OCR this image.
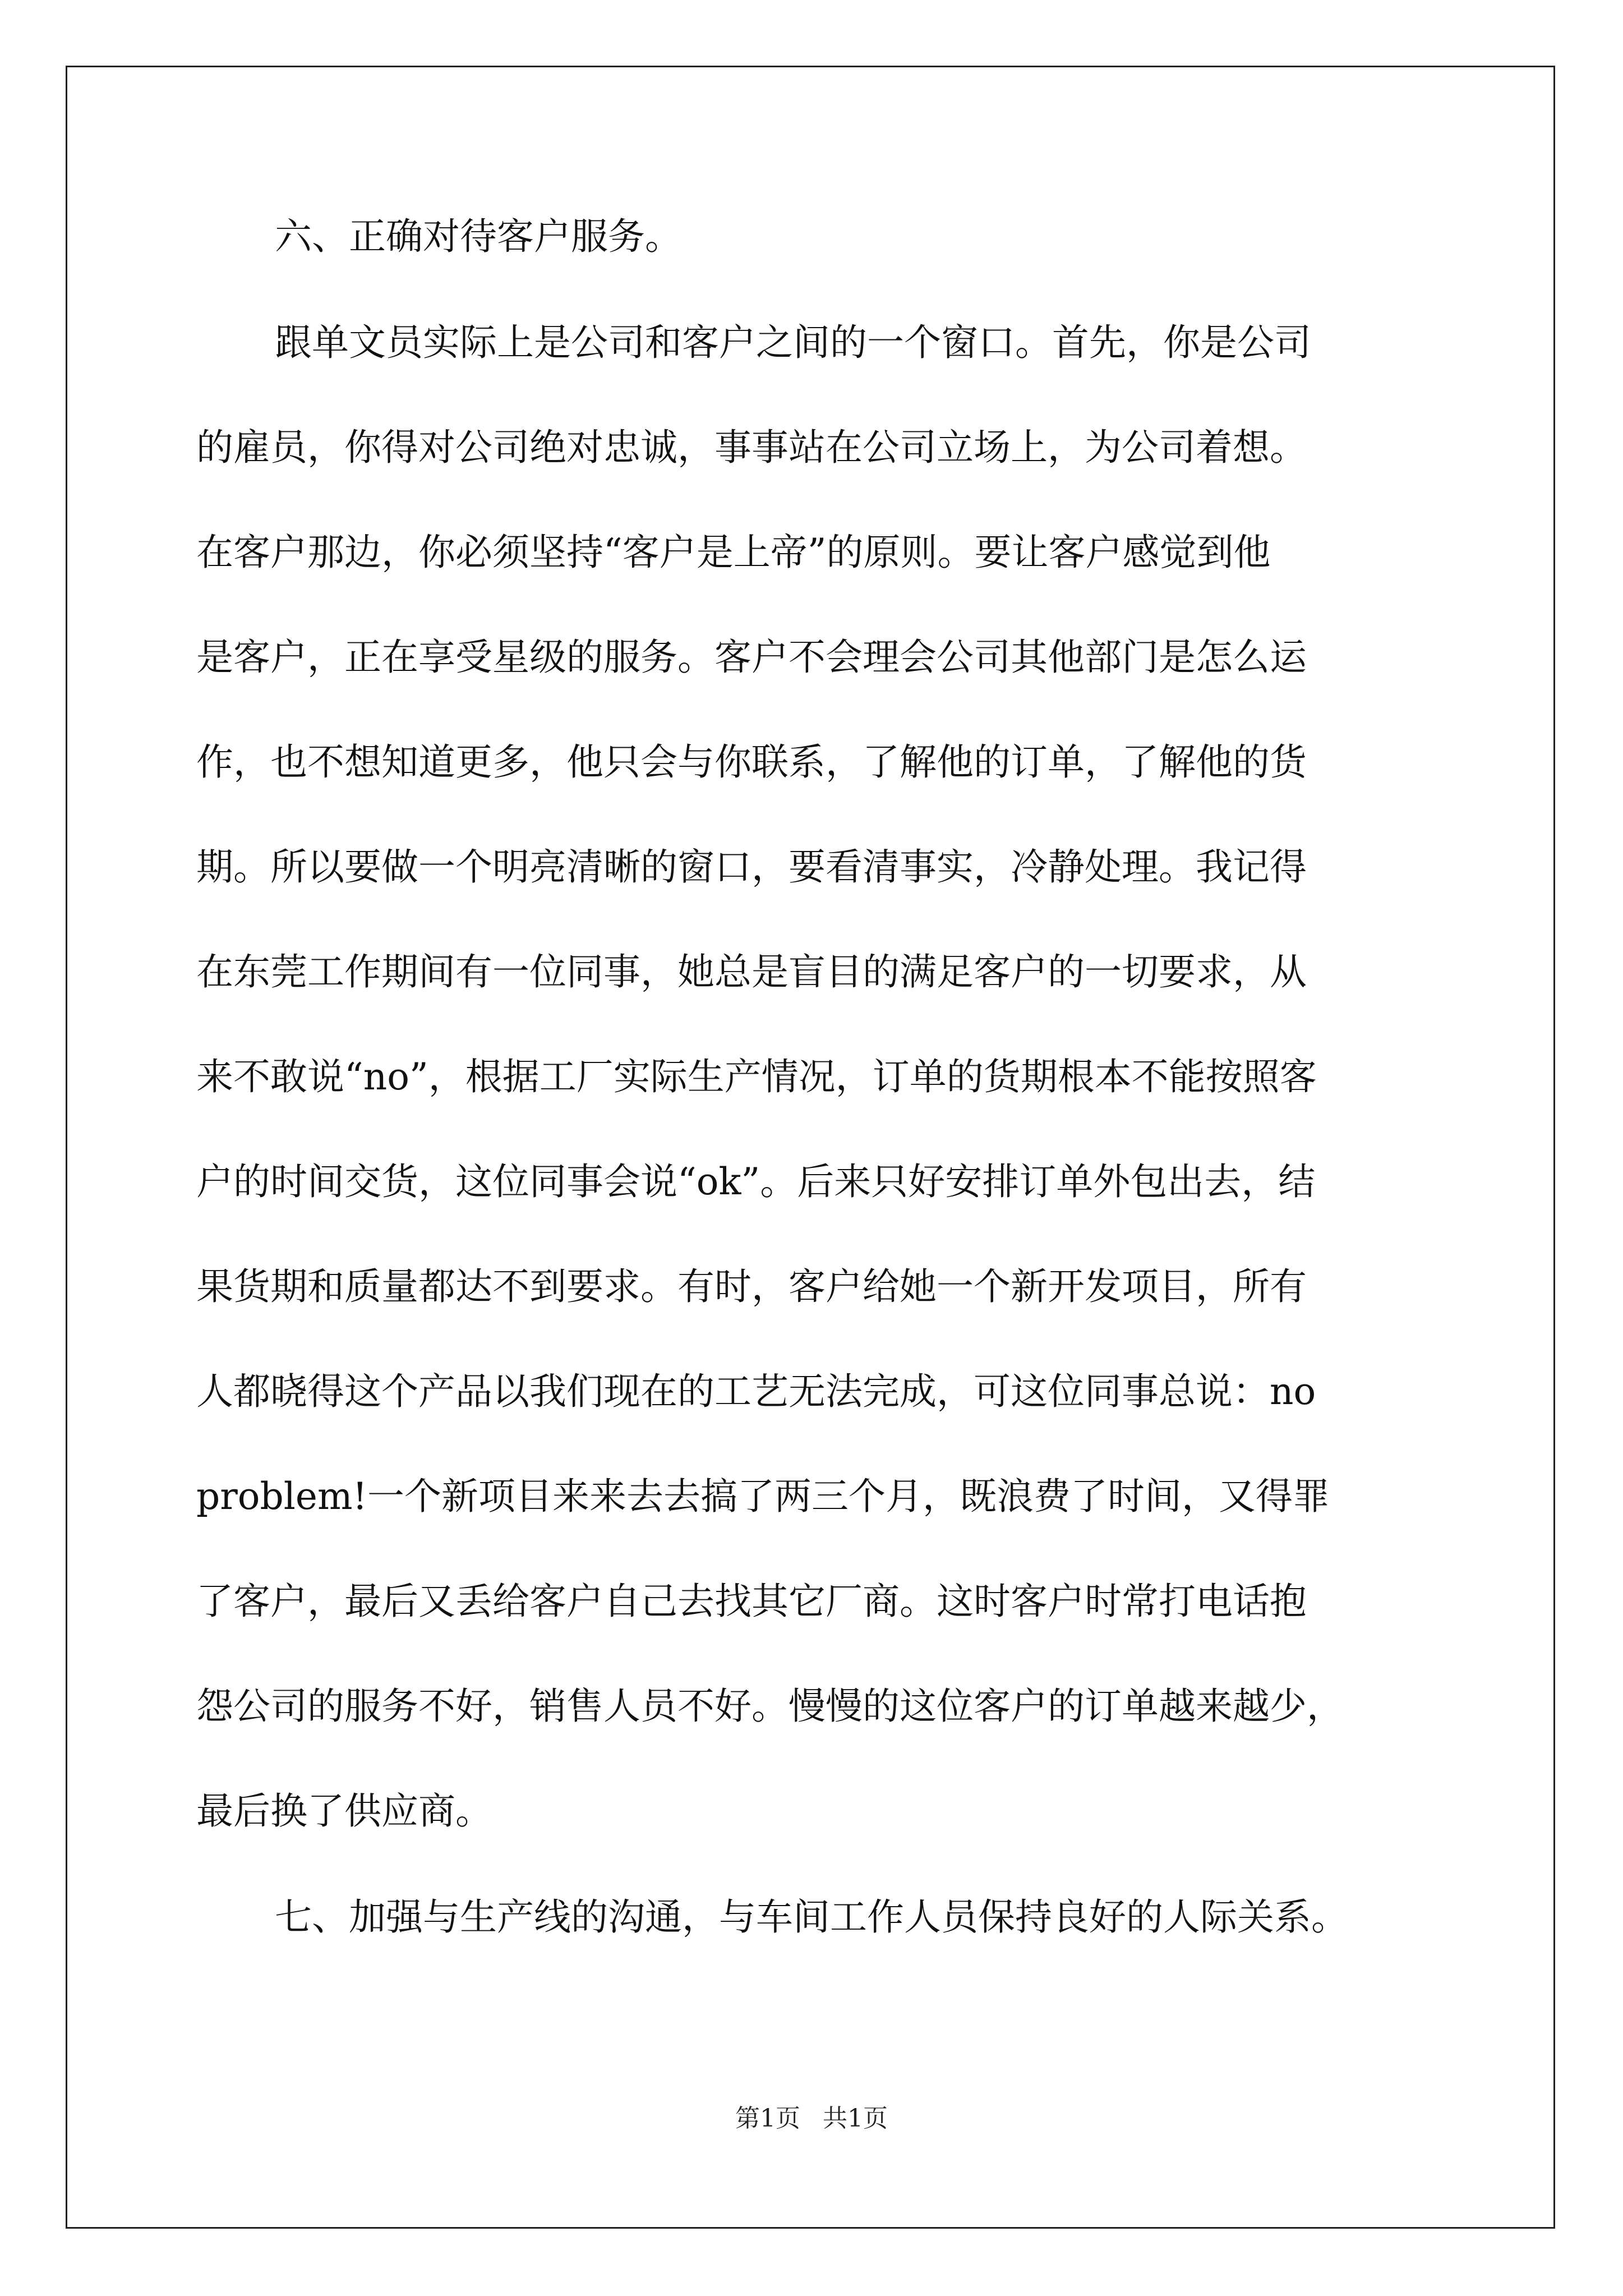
六、正确对待客户服务。

跟单文员实际上是公司和客户之间的一个窗口。首先，你是公司

的雇员，你得对公司绝对忠诚，事事站在公司立场上，为公司着想。

在客户那边，你必须坚持“客户是上帝”的原则。要让客户感觉到他

是客户，正在享受星级的服务。客户不会理会公司其他部门是怎么运

作，也不想知道更多，他只会与你联系，了解他的订单，了解他的货

期。所以要做一个明亮清晰的窗口，要看清事实，冷静处理。我记得

在东莞工作期间有一位同事，她总是盲目的满足客户的一切要求，从

来不敢说“no”，根据工厂实际生产情况，订单的货期根本不能按照客

户的时间交货，这位同事会说“ok”。后来只好安排订单外包出去，结

果货期和质量都达不到要求。有时，客户给她一个新开发项目，所有

人都晓得这个产品以我们现在的工艺无法完成，可这位同事总说：no

problem!一个新项目来来去去搞了两三个月，既浪费了时间，又得罪

了客户，最后又丢给客户自己去找其它厂商。这时客户时常打电话抱

怨公司的服务不好，销售人员不好。慢慢的这位客户的订单越来越少，

最后换了供应商。

七、加强与生产线的沟通，与车间工作人员保持良好的人际关系。

第1页 共1页
